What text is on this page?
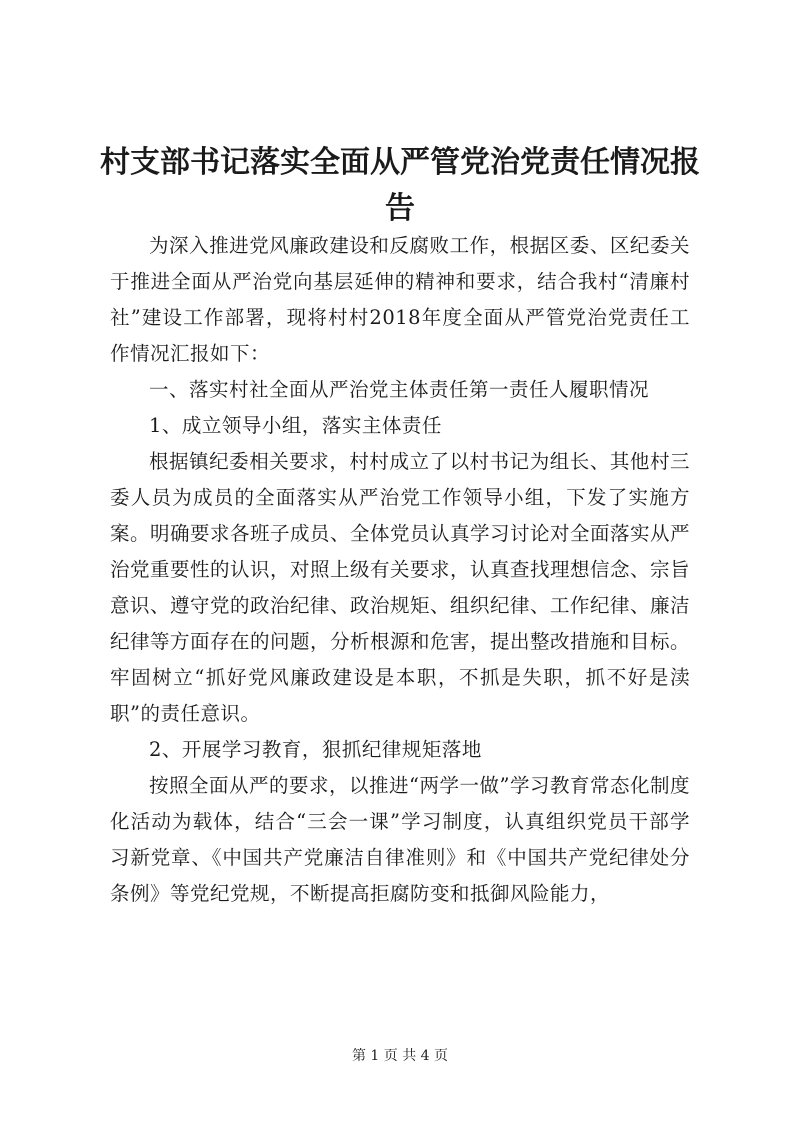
村支部书记落实全面从严管党治党责任情况报告

为深入推进党风廉政建设和反腐败工作，根据区委、区纪委关于推进全面从严治党向基层延伸的精神和要求，结合我村“清廉村社”建设工作部署，现将村村2018年度全面从严管党治党责任工作情况汇报如下：

一、落实村社全面从严治党主体责任第一责任人履职情况

1、成立领导小组，落实主体责任

根据镇纪委相关要求，村村成立了以村书记为组长、其他村三委人员为成员的全面落实从严治党工作领导小组，下发了实施方案。明确要求各班子成员、全体党员认真学习讨论对全面落实从严治党重要性的认识，对照上级有关要求，认真查找理想信念、宗旨意识、遵守党的政治纪律、政治规矩、组织纪律、工作纪律、廉洁纪律等方面存在的问题，分析根源和危害，提出整改措施和目标。牢固树立“抓好党风廉政建设是本职，不抓是失职，抓不好是渎职”的责任意识。

2、开展学习教育，狠抓纪律规矩落地

按照全面从严的要求，以推进“两学一做”学习教育常态化制度化活动为载体，结合“三会一课”学习制度，认真组织党员干部学习新党章、《中国共产党廉洁自律准则》和《中国共产党纪律处分条例》等党纪党规，不断提高拒腐防变和抵御风险能力，

第 1 页 共 4 页
